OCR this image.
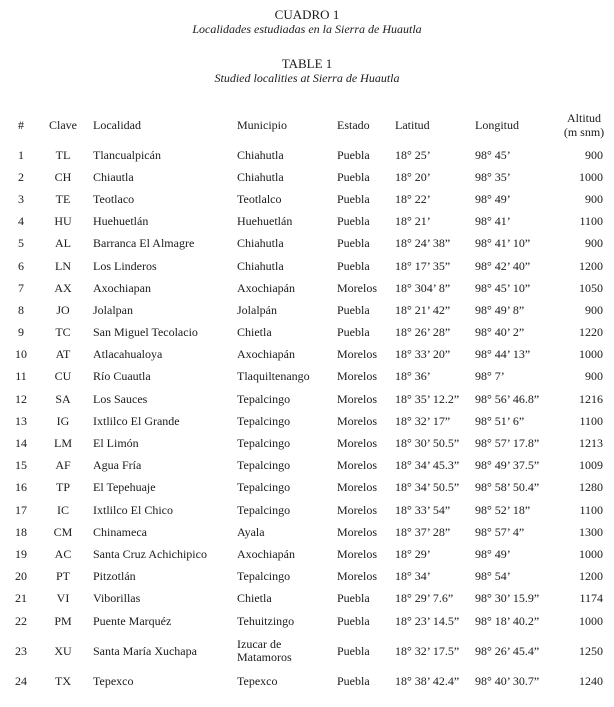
CUADRO 1
Localidades estudiadas en la Sierra de Huautla
TABLE 1
Studied localities at Sierra de Huautla
#	Clave	Localidad	Municipio	Estado	Latitud	Longitud	Altitud
(m snm)
1	TL	Tlancualpicán	Chiahutla	Puebla	18° 25’	98° 45’	900
2	CH	Chiautla	Chiahutla	Puebla	18° 20’	98° 35’	1000
3	TE	Teotlaco	Teotlalco	Puebla	18° 22’	98° 49’	900
4	HU	Huehuetlán	Huehuetlán	Puebla	18° 21’	98° 41’	1100
5	AL	Barranca El Almagre	Chiahutla	Puebla	18° 24’ 38”	98° 41’ 10”	900
6	LN	Los Linderos	Chiahutla	Puebla	18° 17’ 35”	98° 42’ 40”	1200
7	AX	Axochiapan	Axochiapán	Morelos	18° 304’ 8”	98° 45’ 10”	1050
8	JO	Jolalpan	Jolalpán	Puebla	18° 21’ 42”	98° 49’ 8”	900
9	TC	San Miguel Tecolacio	Chietla	Puebla	18° 26’ 28”	98° 40’ 2”	1220
10	AT	Atlacahualoya	Axochiapán	Morelos	18° 33’ 20”	98° 44’ 13”	1000
11	CU	Río Cuautla	Tlaquiltenango	Morelos	18° 36’	98° 7’	900
12	SA	Los Sauces	Tepalcingo	Morelos	18° 35’ 12.2”	98° 56’ 46.8”	1216
13	IG	Ixtlilco El Grande	Tepalcingo	Morelos	18° 32’ 17”	98° 51’ 6”	1100
14	LM	El Limón	Tepalcingo	Morelos	18° 30’ 50.5”	98° 57’ 17.8”	1213
15	AF	Agua Fría	Tepalcingo	Morelos	18° 34’ 45.3”	98° 49’ 37.5”	1009
16	TP	El Tepehuaje	Tepalcingo	Morelos	18° 34’ 50.5”	98° 58’ 50.4”	1280
17	IC	Ixtlilco El Chico	Tepalcingo	Morelos	18° 33’ 54”	98° 52’ 18”	1100
18	CM	Chinameca	Ayala	Morelos	18° 37’ 28”	98° 57’ 4”	1300
19	AC	Santa Cruz Achichipico	Axochiapán	Morelos	18° 29’	98° 49’	1000
20	PT	Pitzotlán	Tepalcingo	Morelos	18° 34’	98° 54’	1200
21	VI	Viborillas	Chietla	Puebla	18° 29’ 7.6”	98° 30’ 15.9”	1174
22	PM	Puente Marquéz	Tehuitzingo	Puebla	18° 23’ 14.5”	98° 18’ 40.2”	1000
23	XU	Santa María Xuchapa	Izucar de Matamoros	Puebla	18° 32’ 17.5”	98° 26’ 45.4”	1250
24	TX	Tepexco	Tepexco	Puebla	18° 38’ 42.4”	98° 40’ 30.7”	1240
